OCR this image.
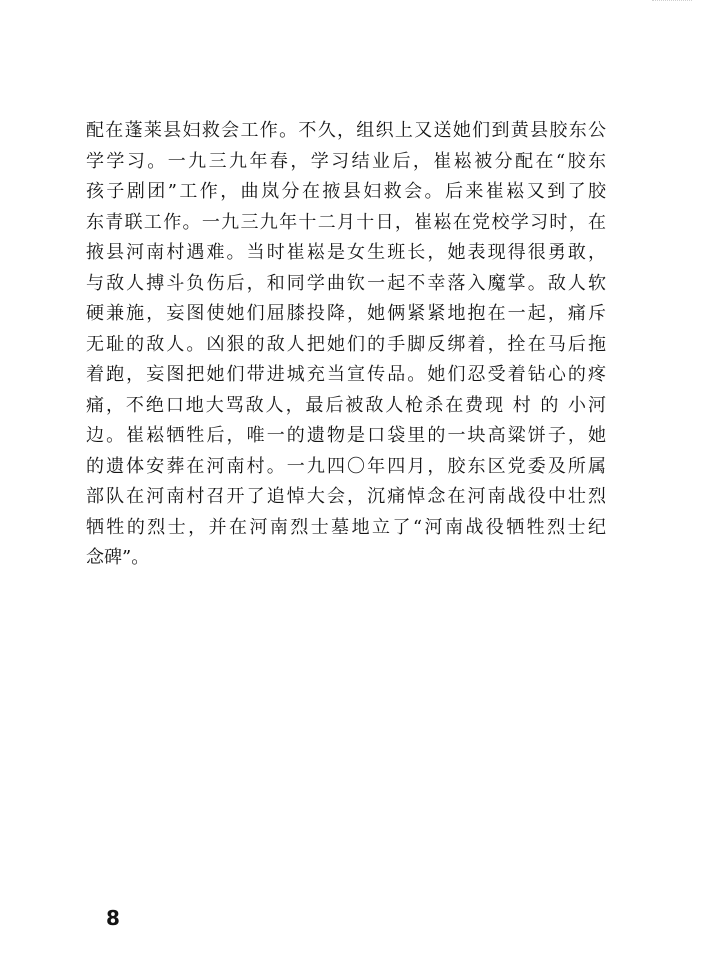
配在蓬莱县妇救会工作。不久，组织上又送她们到黄县胶东公
学学习。一九三九年春，学习结业后，崔崧被分配在“胶东
孩子剧团”工作，曲岚分在掖县妇救会。后来崔崧又到了胶
东青联工作。一九三九年十二月十日，崔崧在党校学习时，在
掖县河南村遇难。当时崔崧是女生班长，她表现得很勇敢，
与敌人搏斗负伤后，和同学曲钦一起不幸落入魔掌。敌人软
硬兼施，妄图使她们屈膝投降，她俩紧紧地抱在一起，痛斥
无耻的敌人。凶狠的敌人把她们的手脚反绑着，拴在马后拖
着跑，妄图把她们带进城充当宣传品。她们忍受着钻心的疼
痛，不绝口地大骂敌人，最后被敌人枪杀在费现 村 的 小河
边。崔崧牺牲后，唯一的遗物是口袋里的一块高粱饼子，她
的遗体安葬在河南村。一九四〇年四月，胶东区党委及所属
部队在河南村召开了追悼大会，沉痛悼念在河南战役中壮烈
牺牲的烈士，并在河南烈士墓地立了“河南战役牺牲烈士纪
念碑”。
8
